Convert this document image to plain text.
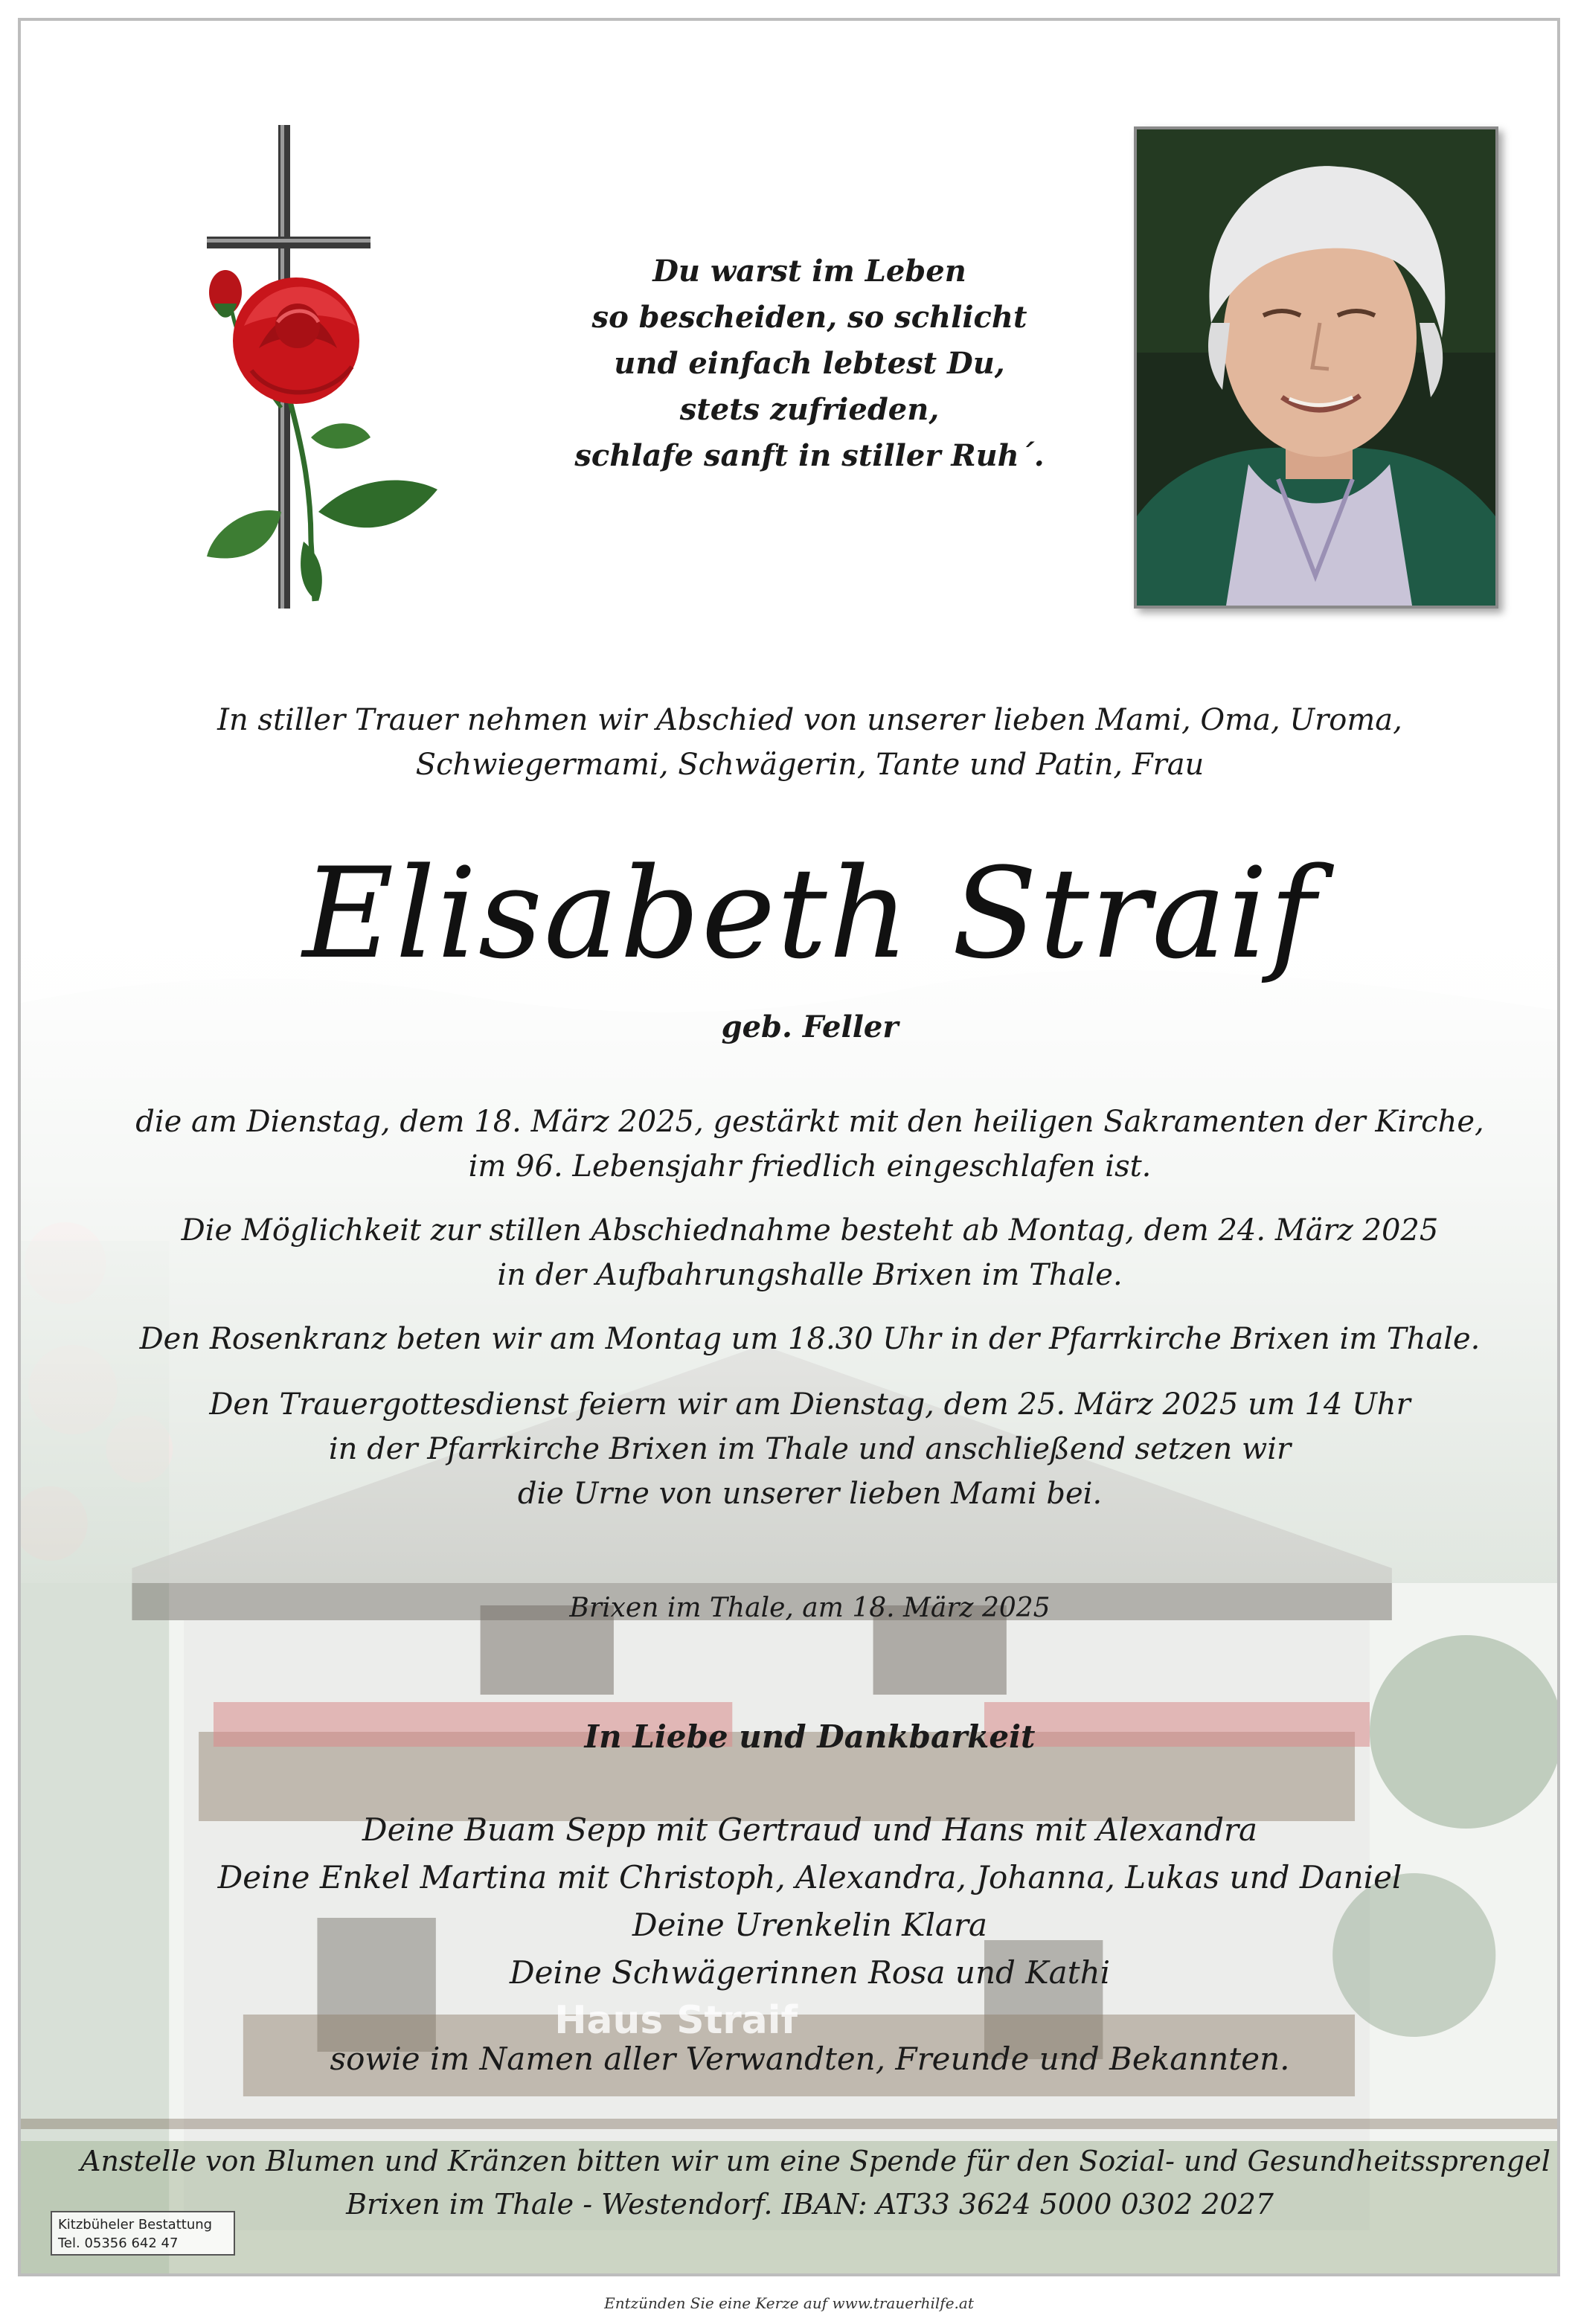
Haus Straif
Du warst im Leben
so bescheiden, so schlicht
und einfach lebtest Du,
stets zufrieden,
schlafe sanft in stiller Ruh´.
In stiller Trauer nehmen wir Abschied von unserer lieben Mami, Oma, Uroma,
Schwiegermami, Schwägerin, Tante und Patin, Frau
Elisabeth Straif
geb. Feller
die am Dienstag, dem 18. März 2025, gestärkt mit den heiligen Sakramenten der Kirche,
im 96. Lebensjahr friedlich eingeschlafen ist.
Die Möglichkeit zur stillen Abschiednahme besteht ab Montag, dem 24. März 2025
in der Aufbahrungshalle Brixen im Thale.
Den Rosenkranz beten wir am Montag um 18.30 Uhr in der Pfarrkirche Brixen im Thale.
Den Trauergottesdienst feiern wir am Dienstag, dem 25. März 2025 um 14 Uhr
in der Pfarrkirche Brixen im Thale und anschließend setzen wir
die Urne von unserer lieben Mami bei.
Brixen im Thale, am 18. März 2025
In Liebe und Dankbarkeit
Deine Buam Sepp mit Gertraud und Hans mit Alexandra
Deine Enkel Martina mit Christoph, Alexandra, Johanna, Lukas und Daniel
Deine Urenkelin Klara
Deine Schwägerinnen Rosa und Kathi
sowie im Namen aller Verwandten, Freunde und Bekannten.
Anstelle von Blumen und Kränzen bitten wir um eine Spende für den Sozial- und Gesundheitssprengel
Brixen im Thale - Westendorf. IBAN: AT33 3624 5000 0302 2027
Kitzbüheler Bestattung
Tel. 05356 642 47
Entzünden Sie eine Kerze auf www.trauerhilfe.at
